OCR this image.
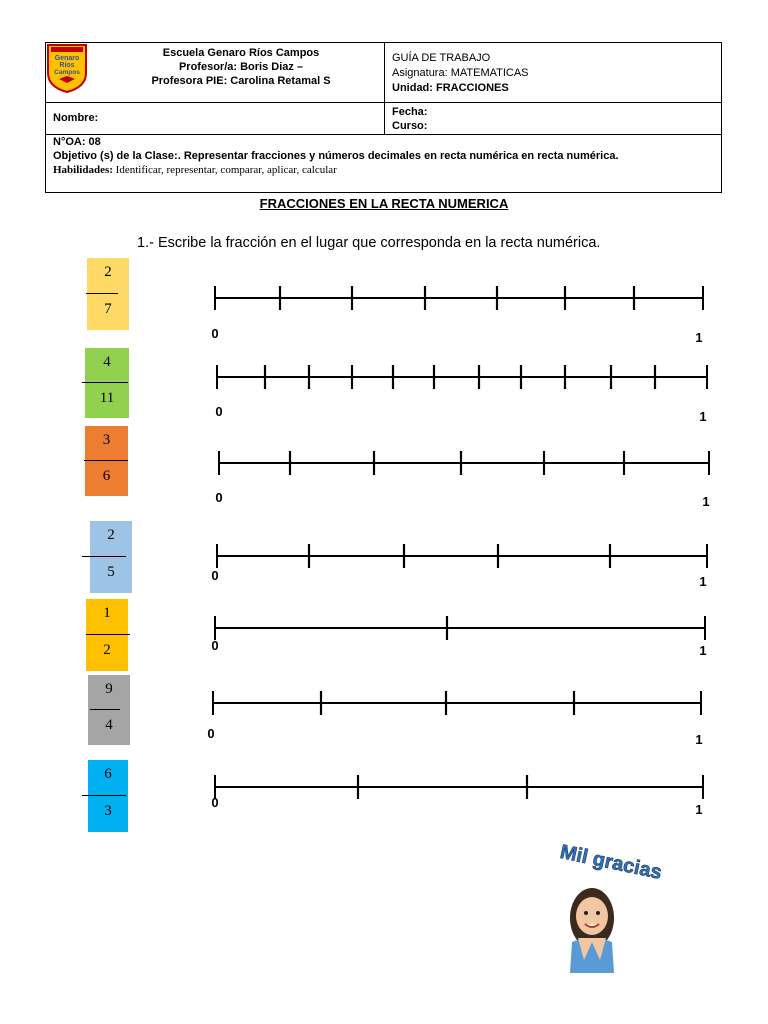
Genaro
Ríos
Campos
Escuela Genaro Ríos Campos
Profesor/a: Boris Diaz –
Profesora PIE: Carolina Retamal S
GUÍA DE TRABAJO
Asignatura: MATEMATICAS
Unidad: FRACCIONES
Nombre:	Fecha:
Curso:
N°OA: 08
Objetivo (s) de la Clase:. Representar fracciones y números decimales en recta numérica en recta numérica.
Habilidades: Identificar, representar, comparar, aplicar, calcular
FRACCIONES EN LA RECTA NUMERICA
1.- Escribe la fracción en el lugar que corresponda en la recta numérica.
2
7
4
11
3
6
2
5
1
2
9
4
6
3
0	1
0	1
0	1
0	1
0	1
0	1
0	1
Mil gracias
